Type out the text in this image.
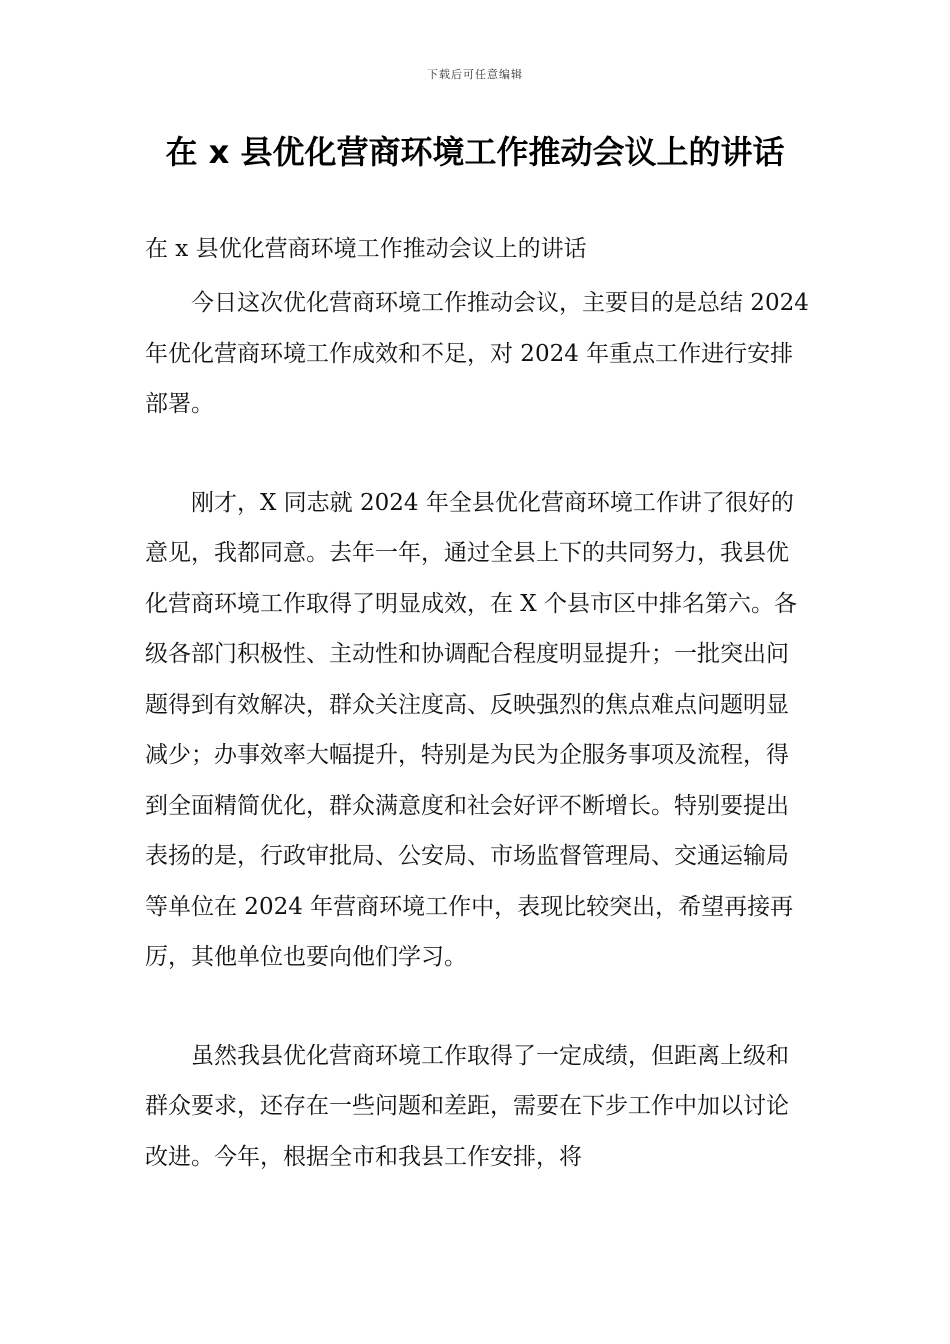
下载后可任意编辑
在 x 县优化营商环境工作推动会议上的讲话

在 x 县优化营商环境工作推动会议上的讲话

今日这次优化营商环境工作推动会议，主要目的是总结 2024 年优化营商环境工作成效和不足，对 2024 年重点工作进行安排部署。

刚才，X 同志就 2024 年全县优化营商环境工作讲了很好的意见，我都同意。去年一年，通过全县上下的共同努力，我县优化营商环境工作取得了明显成效，在 X 个县市区中排名第六。各级各部门积极性、主动性和协调配合程度明显提升；一批突出问题得到有效解决，群众关注度高、反映强烈的焦点难点问题明显减少；办事效率大幅提升，特别是为民为企服务事项及流程，得到全面精简优化，群众满意度和社会好评不断增长。特别要提出表扬的是，行政审批局、公安局、市场监督管理局、交通运输局等单位在 2024 年营商环境工作中，表现比较突出，希望再接再厉，其他单位也要向他们学习。

虽然我县优化营商环境工作取得了一定成绩，但距离上级和群众要求，还存在一些问题和差距，需要在下步工作中加以讨论改进。今年，根据全市和我县工作安排，将
